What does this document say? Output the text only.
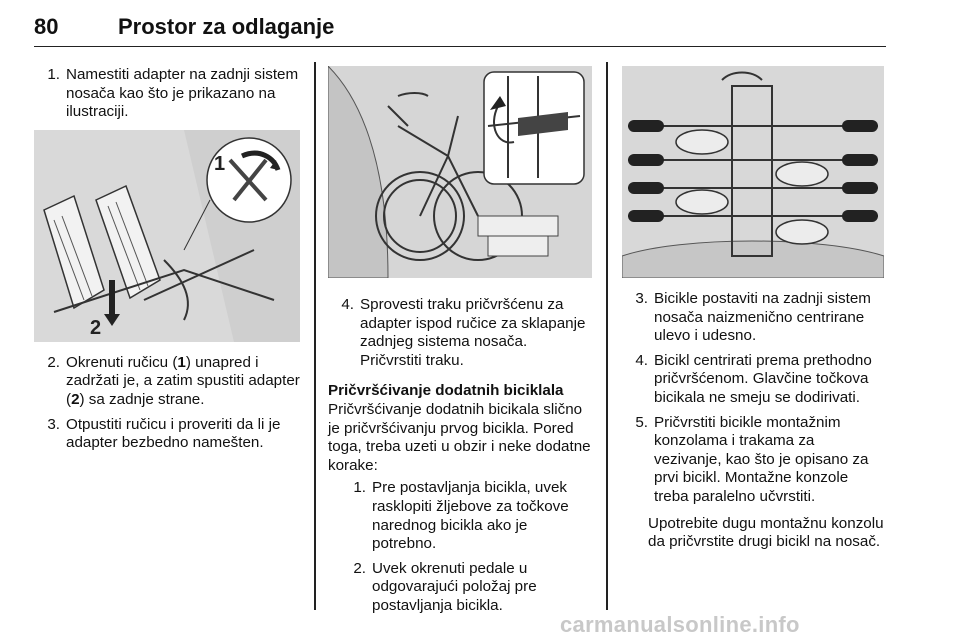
80	Prostor za odlaganje
1. Namestiti adapter na zadnji sistem nosača kao što je prikazano na ilustraciji.
1
2
2. Okrenuti ručicu (1) unapred i zadržati je, a zatim spustiti adapter (2) sa zadnje strane.
3. Otpustiti ručicu i proveriti da li je adapter bezbedno namešten.
4. Sprovesti traku pričvršćenu za adapter ispod ručice za sklapanje zadnjeg sistema nosača. Pričvrstiti traku.
Pričvršćivanje dodatnih biciklala

Pričvršćivanje dodatnih bicikala slično je pričvršćivanju prvog bicikla. Pored toga, treba uzeti u obzir i neke dodatne korake:

1. Pre postavljanja bicikla, uvek rasklopiti žljebove za točkove narednog bicikla ako je potrebno.
2. Uvek okrenuti pedale u odgovarajući položaj pre postavljanja bicikla.
3. Bicikle postaviti na zadnji sistem nosača naizmenično centrirane ulevo i udesno.
4. Bicikl centrirati prema prethodno pričvršćenom. Glavčine točkova bicikala ne smeju se dodirivati.
5. Pričvrstiti bicikle montažnim konzolama i trakama za vezivanje, kao što je opisano za prvi bicikl. Montažne konzole treba paralelno učvrstiti.
Upotrebite dugu montažnu konzolu da pričvrstite drugi bicikl na nosač.
carmanualsonline.info
